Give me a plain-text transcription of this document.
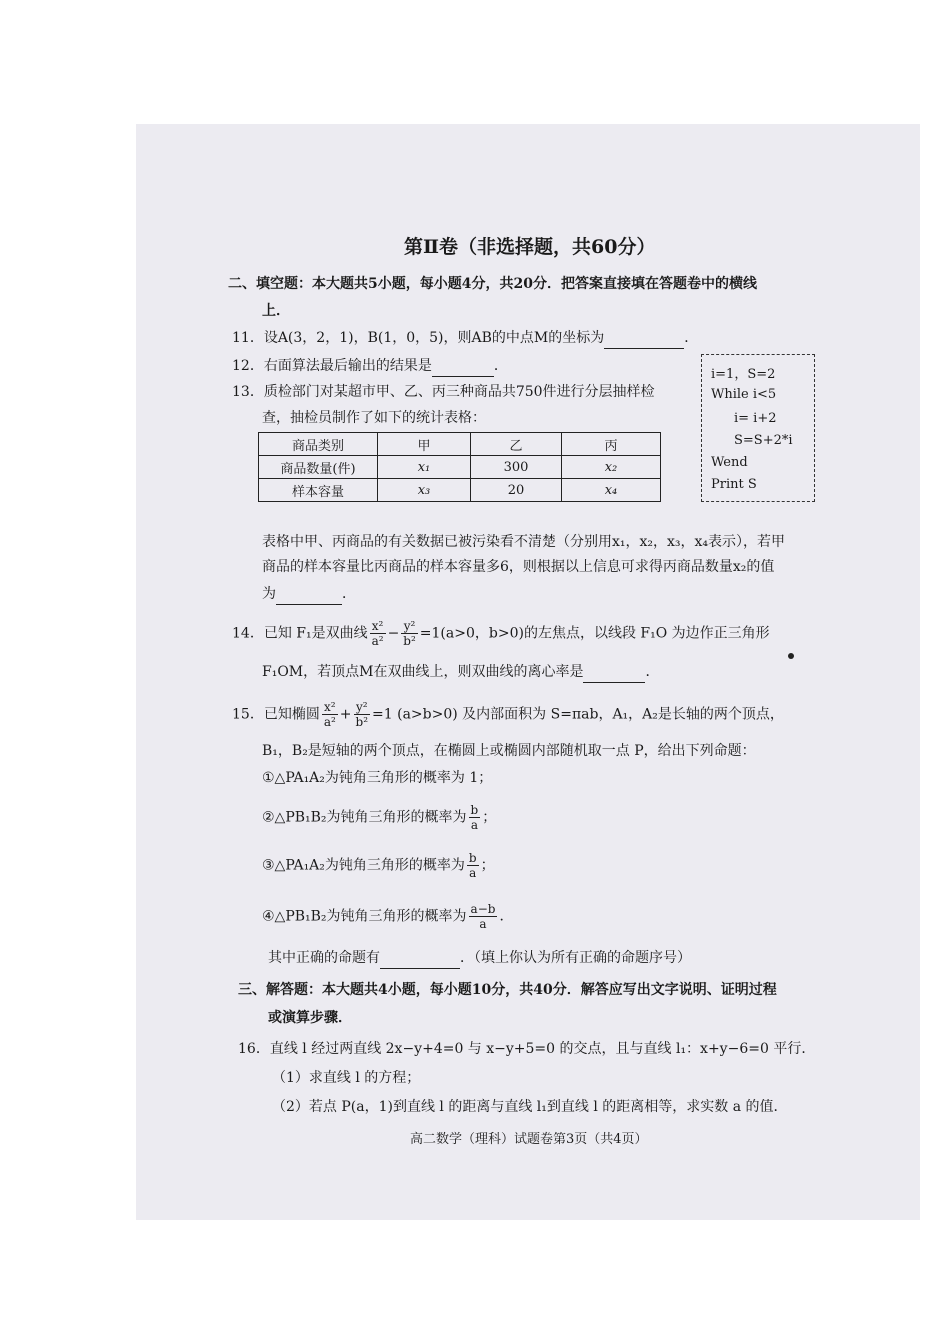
第Ⅱ卷（非选择题，共60分）
二、填空题：本大题共5小题，每小题4分，共20分．把答案直接填在答题卷中的横线
上．
11．设A(3，2，1)，B(1，0，5)，则AB的中点M的坐标为	．
12．右面算法最后输出的结果是	．
13．质检部门对某超市甲、乙、丙三种商品共750件进行分层抽样检
查，抽检员制作了如下的统计表格：
商品类别	甲	乙	丙
商品数量(件)	x₁	300	x₂
样本容量	x₃	20	x₄
i=1，S=2
While i<5
i= i+2
S=S+2*i
Wend
Print S
表格中甲、丙商品的有关数据已被污染看不清楚（分别用x₁，x₂，x₃，x₄表示），若甲
商品的样本容量比丙商品的样本容量多6，则根据以上信息可求得丙商品数量x₂的值
为	．
14．已知 F₁是双曲线 $\frac{\text{x²}}{\text{a²}} - \frac{\text{y²}}{\text{b²}} =1(a>0$，b>0)的左焦点，以线段 F₁O 为边作正三角形
F₁OM，若顶点M在双曲线上，则双曲线的离心率是	．
15．已知椭圆 $\frac{\text{x²}}{\text{a²}} + \frac{\text{y²}}{\text{b²}} =1$ (a>b>0) 及内部面积为 S=πab，A₁，A₂是长轴的两个顶点，
B₁，B₂是短轴的两个顶点，在椭圆上或椭圆内部随机取一点 P，给出下列命题：
①△PA₁A₂为钝角三角形的概率为 1；
②△PB₁B₂为钝角三角形的概率为 $\frac{b}{a}$ ；
③△PA₁A₂为钝角三角形的概率为 $\frac{b}{a}$ ；
④△PB₁B₂为钝角三角形的概率为 $\frac{a-b}{a}$ ．
其中正确的命题有	．（填上你认为所有正确的命题序号）
三、解答题：本大题共4小题，每小题10分，共40分．解答应写出文字说明、证明过程
或演算步骤．
16．直线 l 经过两直线 2x−y+4=0 与 x−y+5=0 的交点，且与直线 l₁：x+y−6=0 平行．
（1）求直线 l 的方程；
（2）若点 P(a，1)到直线 l 的距离与直线 l₁到直线 l 的距离相等，求实数 a 的值．
高二数学（理科）试题卷第3页（共4页）
